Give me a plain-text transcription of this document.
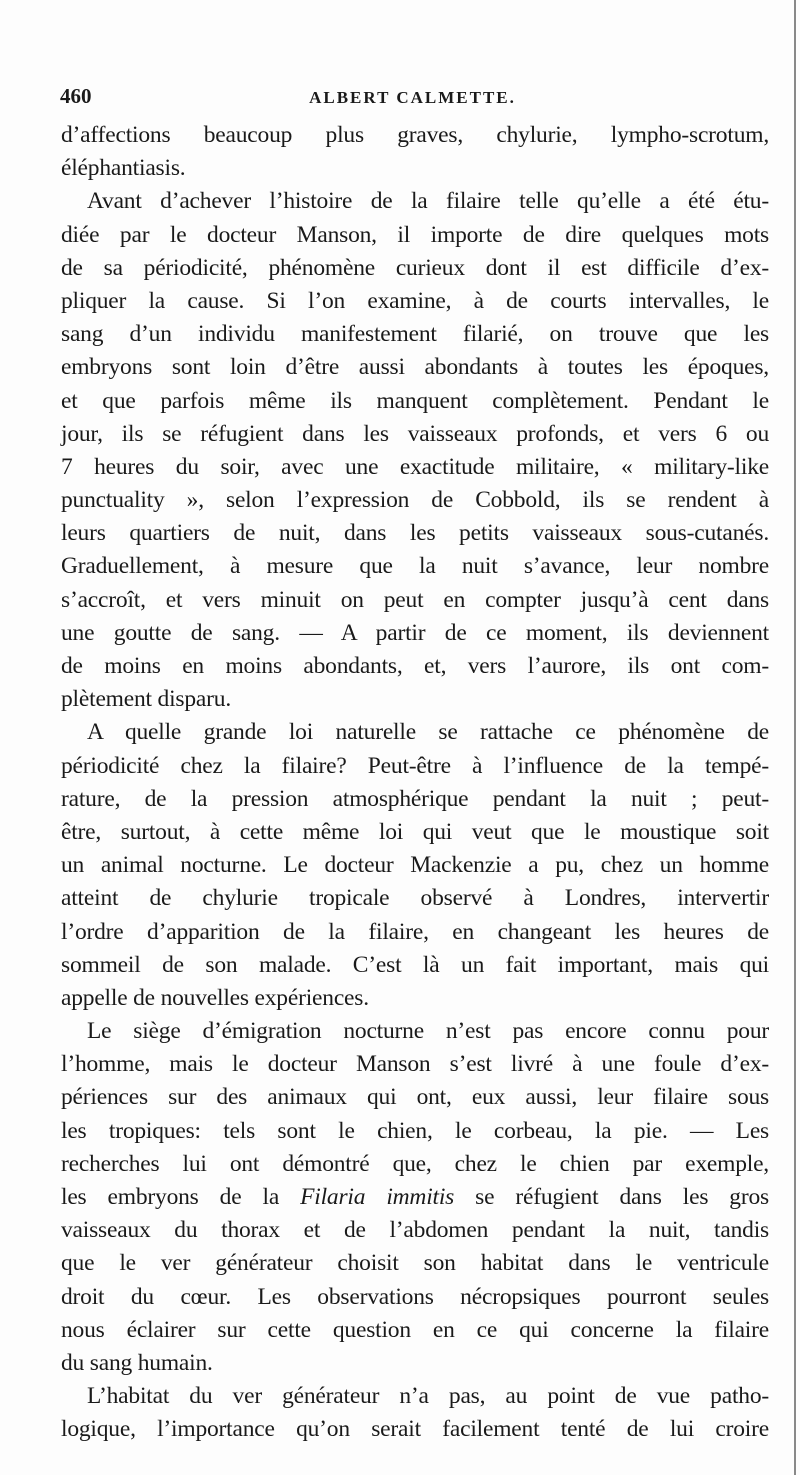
460	ALBERT CALMETTE.
d’affections beaucoup plus graves, chylurie, lympho-scrotum,
éléphantiasis.
Avant d’achever l’histoire de la filaire telle qu’elle a été étu-
diée par le docteur Manson, il importe de dire quelques mots
de sa périodicité, phénomène curieux dont il est difficile d’ex-
pliquer la cause. Si l’on examine, à de courts intervalles, le
sang d’un individu manifestement filarié, on trouve que les
embryons sont loin d’être aussi abondants à toutes les époques,
et que parfois même ils manquent complètement. Pendant le
jour, ils se réfugient dans les vaisseaux profonds, et vers 6 ou
7 heures du soir, avec une exactitude militaire, « military-like
punctuality », selon l’expression de Cobbold, ils se rendent à
leurs quartiers de nuit, dans les petits vaisseaux sous-cutanés.
Graduellement, à mesure que la nuit s’avance, leur nombre
s’accroît, et vers minuit on peut en compter jusqu’à cent dans
une goutte de sang. — A partir de ce moment, ils deviennent
de moins en moins abondants, et, vers l’aurore, ils ont com-
plètement disparu.
A quelle grande loi naturelle se rattache ce phénomène de
périodicité chez la filaire? Peut-être à l’influence de la tempé-
rature, de la pression atmosphérique pendant la nuit ; peut-
être, surtout, à cette même loi qui veut que le moustique soit
un animal nocturne. Le docteur Mackenzie a pu, chez un homme
atteint de chylurie tropicale observé à Londres, intervertir
l’ordre d’apparition de la filaire, en changeant les heures de
sommeil de son malade. C’est là un fait important, mais qui
appelle de nouvelles expériences.
Le siège d’émigration nocturne n’est pas encore connu pour
l’homme, mais le docteur Manson s’est livré à une foule d’ex-
périences sur des animaux qui ont, eux aussi, leur filaire sous
les tropiques: tels sont le chien, le corbeau, la pie. — Les
recherches lui ont démontré que, chez le chien par exemple,
les embryons de la Filaria immitis se réfugient dans les gros
vaisseaux du thorax et de l’abdomen pendant la nuit, tandis
que le ver générateur choisit son habitat dans le ventricule
droit du cœur. Les observations nécropsiques pourront seules
nous éclairer sur cette question en ce qui concerne la filaire
du sang humain.
L’habitat du ver générateur n’a pas, au point de vue patho-
logique, l’importance qu’on serait facilement tenté de lui croire
